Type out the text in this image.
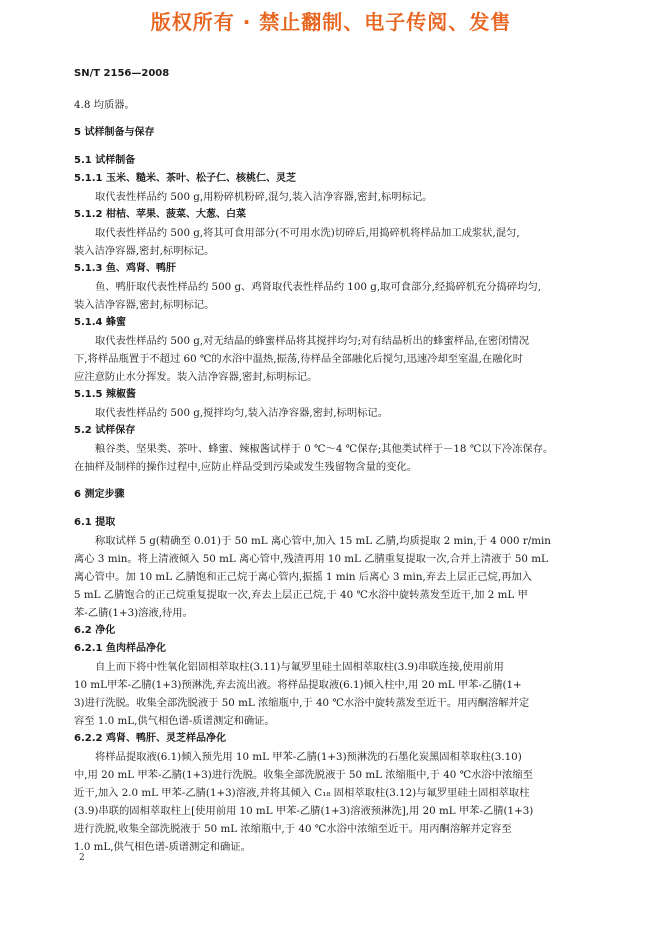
版权所有 · 禁止翻制、电子传阅、发售
SN/T 2156—2008
4.8 均质器。
5 试样制备与保存
5.1 试样制备
5.1.1 玉米、糙米、茶叶、松子仁、核桃仁、灵芝
取代表性样品约 500 g,用粉碎机粉碎,混匀,装入洁净容器,密封,标明标记。
5.1.2 柑桔、苹果、菠菜、大葱、白菜
取代表性样品约 500 g,将其可食用部分(不可用水洗)切碎后,用捣碎机将样品加工成浆状,混匀,
装入洁净容器,密封,标明标记。
5.1.3 鱼、鸡肾、鸭肝
鱼、鸭肝取代表性样品约 500 g、鸡肾取代表性样品约 100 g,取可食部分,经捣碎机充分捣碎均匀,
装入洁净容器,密封,标明标记。
5.1.4 蜂蜜
取代表性样品约 500 g,对无结晶的蜂蜜样品将其搅拌均匀;对有结晶析出的蜂蜜样品,在密闭情况
下,将样品瓶置于不超过 60 ℃的水浴中温热,振荡,待样品全部融化后搅匀,迅速冷却至室温,在融化时
应注意防止水分挥发。装入洁净容器,密封,标明标记。
5.1.5 辣椒酱
取代表性样品约 500 g,搅拌均匀,装入洁净容器,密封,标明标记。
5.2 试样保存
粮谷类、坚果类、茶叶、蜂蜜、辣椒酱试样于 0 ℃～4 ℃保存;其他类试样于－18 ℃以下冷冻保存。
在抽样及制样的操作过程中,应防止样品受到污染或发生残留物含量的变化。
6 测定步骤
6.1 提取
称取试样 5 g(精确至 0.01)于 50 mL 离心管中,加入 15 mL 乙腈,均质提取 2 min,于 4 000 r/min
离心 3 min。将上清液倾入 50 mL 离心管中,残渣再用 10 mL 乙腈重复提取一次,合并上清液于 50 mL
离心管中。加 10 mL 乙腈饱和正己烷于离心管内,振摇 1 min 后离心 3 min,弃去上层正己烷,再加入
5 mL 乙腈饱合的正己烷重复提取一次,弃去上层正己烷,于 40 ℃水浴中旋转蒸发至近干,加 2 mL 甲
苯-乙腈(1+3)溶液,待用。
6.2 净化
6.2.1 鱼肉样品净化
自上而下将中性氧化铝固相萃取柱(3.11)与氟罗里硅土固相萃取柱(3.9)串联连接,使用前用
10 mL甲苯-乙腈(1+3)预淋洗,弃去流出液。将样品提取液(6.1)倾入柱中,用 20 mL 甲苯-乙腈(1+
3)进行洗脱。收集全部洗脱液于 50 mL 浓缩瓶中,于 40 ℃水浴中旋转蒸发至近干。用丙酮溶解并定
容至 1.0 mL,供气相色谱-质谱测定和确证。
6.2.2 鸡肾、鸭肝、灵芝样品净化
将样品提取液(6.1)倾入预先用 10 mL 甲苯-乙腈(1+3)预淋洗的石墨化炭黑固相萃取柱(3.10)
中,用 20 mL 甲苯-乙腈(1+3)进行洗脱。收集全部洗脱液于 50 mL 浓缩瓶中,于 40 ℃水浴中浓缩至
近干,加入 2.0 mL 甲苯-乙腈(1+3)溶液,并将其倾入 C₁₈ 固相萃取柱(3.12)与氟罗里硅土固相萃取柱
(3.9)串联的固相萃取柱上[使用前用 10 mL 甲苯-乙腈(1+3)溶液预淋洗],用 20 mL 甲苯-乙腈(1+3)
进行洗脱,收集全部洗脱液于 50 mL 浓缩瓶中,于 40 ℃水浴中浓缩至近干。用丙酮溶解并定容至
1.0 mL,供气相色谱-质谱测定和确证。
2
